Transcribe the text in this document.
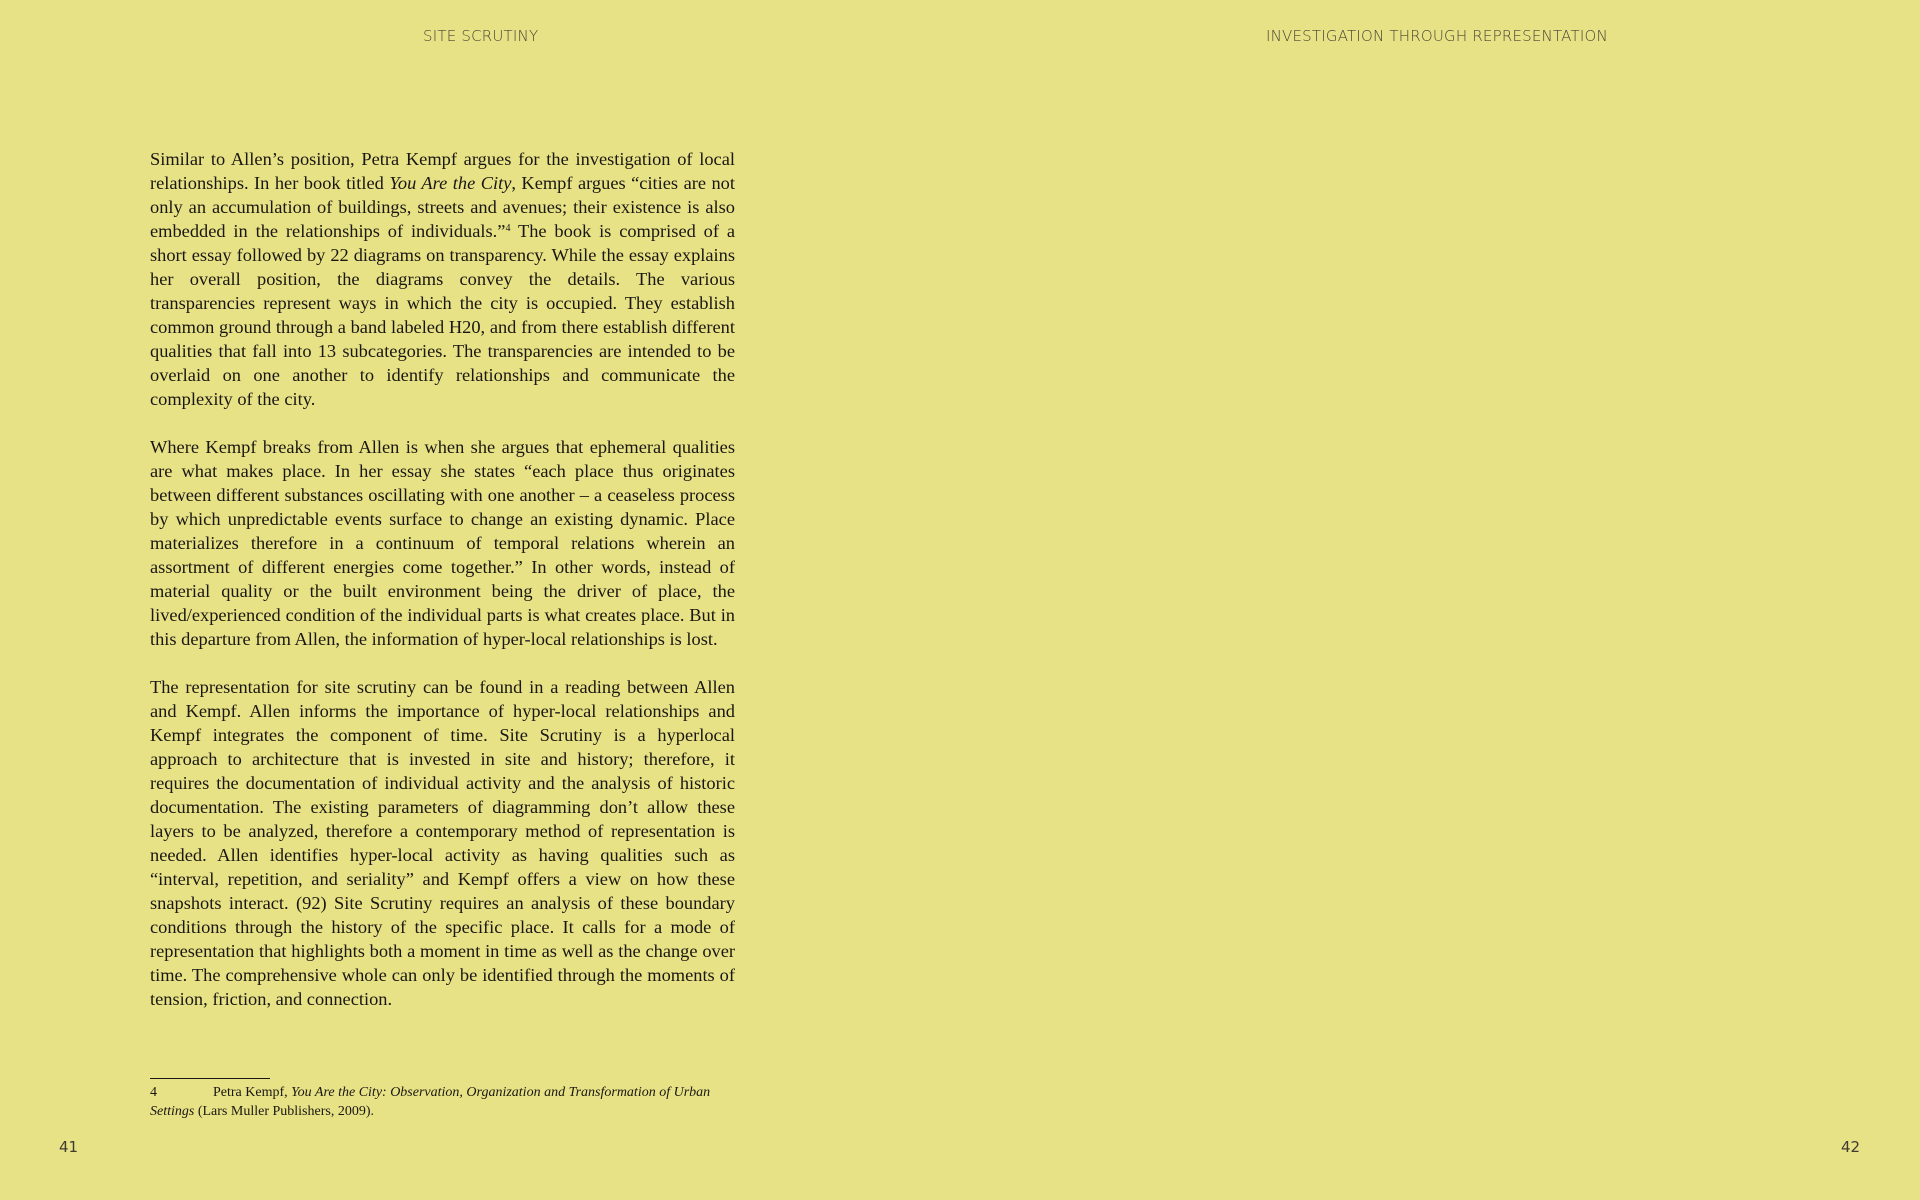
SITE SCRUTINY	INVESTIGATION THROUGH REPRESENTATION

Similar to Allen’s position, Petra Kempf argues for the investigation of local relationships. In her book titled You Are the City, Kempf argues “cities are not only an accumulation of buildings, streets and avenues; their existence is also embedded in the relationships of individuals.”$^4$ The book is comprised of a short essay followed by 22 diagrams on transparency. While the essay explains her overall position, the diagrams convey the details. The various transparencies represent ways in which the city is occupied. They establish common ground through a band labeled H20, and from there establish different qualities that fall into 13 subcategories. The transparencies are intended to be overlaid on one another to identify relationships and communicate the complexity of the city.

Where Kempf breaks from Allen is when she argues that ephemeral qualities are what makes place. In her essay she states “each place thus originates between different substances oscillating with one another – a ceaseless process by which unpredictable events surface to change an existing dynamic. Place materializes therefore in a continuum of temporal relations wherein an assortment of different energies come together.” In other words, instead of material quality or the built environment being the driver of place, the lived/experienced condition of the individual parts is what creates place. But in this departure from Allen, the information of hyper-local relationships is lost.

The representation for site scrutiny can be found in a reading between Allen and Kempf. Allen informs the importance of hyper-local relationships and Kempf integrates the component of time. Site Scrutiny is a hyperlocal approach to architecture that is invested in site and history; therefore, it requires the documentation of individual activity and the analysis of historic documentation. The existing parameters of diagramming don’t allow these layers to be analyzed, therefore a contemporary method of representation is needed. Allen identifies hyper-local activity as having qualities such as “interval, repetition, and seriality” and Kempf offers a view on how these snapshots interact. (92) Site Scrutiny requires an analysis of these boundary conditions through the history of the specific place. It calls for a mode of representation that highlights both a moment in time as well as the change over time. The comprehensive whole can only be identified through the moments of tension, friction, and connection.

4	Petra Kempf, You Are the City: Observation, Organization and Transformation of Urban Settings (Lars Muller Publishers, 2009).
41	42
